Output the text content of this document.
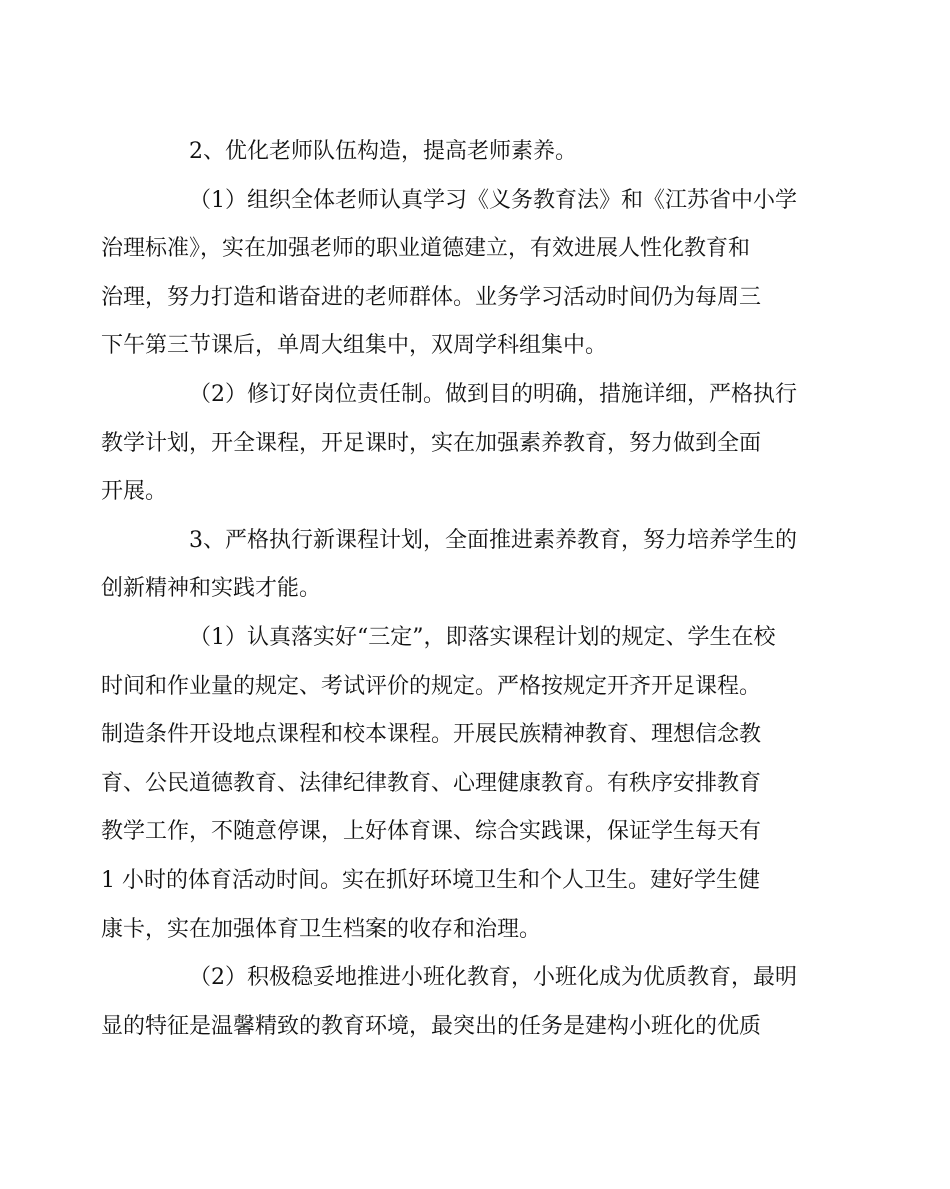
2、优化老师队伍构造，提高老师素养。

（1）组织全体老师认真学习《义务教育法》和《江苏省中小学
治理标准》，实在加强老师的职业道德建立，有效进展人性化教育和
治理，努力打造和谐奋进的老师群体。业务学习活动时间仍为每周三
下午第三节课后，单周大组集中，双周学科组集中。

（2）修订好岗位责任制。做到目的明确，措施详细，严格执行
教学计划，开全课程，开足课时，实在加强素养教育，努力做到全面
开展。

3、严格执行新课程计划，全面推进素养教育，努力培养学生的
创新精神和实践才能。

（1）认真落实好“三定”，即落实课程计划的规定、学生在校
时间和作业量的规定、考试评价的规定。严格按规定开齐开足课程。
制造条件开设地点课程和校本课程。开展民族精神教育、理想信念教
育、公民道德教育、法律纪律教育、心理健康教育。有秩序安排教育
教学工作，不随意停课，上好体育课、综合实践课，保证学生每天有
1 小时的体育活动时间。实在抓好环境卫生和个人卫生。建好学生健
康卡，实在加强体育卫生档案的收存和治理。

（2）积极稳妥地推进小班化教育，小班化成为优质教育，最明
显的特征是温馨精致的教育环境，最突出的任务是建构小班化的优质
